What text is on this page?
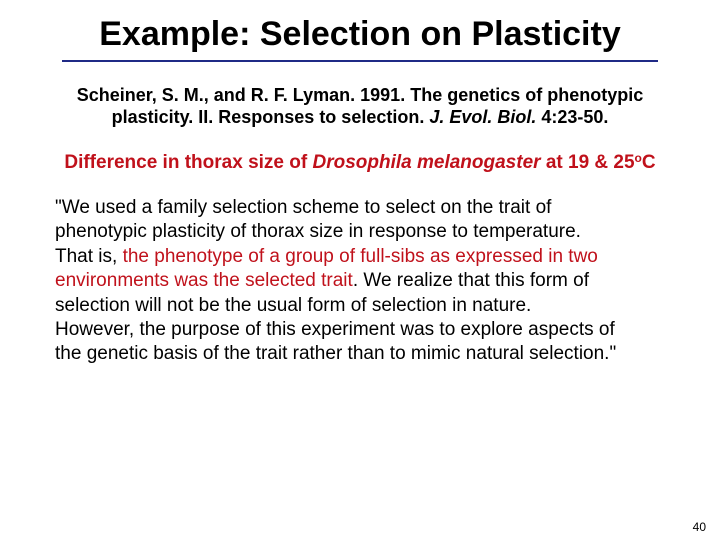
Example: Selection on Plasticity
Scheiner, S. M., and R. F. Lyman. 1991. The genetics of phenotypic
plasticity. II. Responses to selection. J. Evol. Biol. 4:23-50.
Difference in thorax size of Drosophila melanogaster at 19 & 25$^o$C
"We used a family selection scheme to select on the trait of
phenotypic plasticity of thorax size in response to temperature.
That is, the phenotype of a group of full-sibs as expressed in two
environments was the selected trait. We realize that this form of
selection will not be the usual form of selection in nature.
However, the purpose of this experiment was to explore aspects of
the genetic basis of the trait rather than to mimic natural selection."
40
